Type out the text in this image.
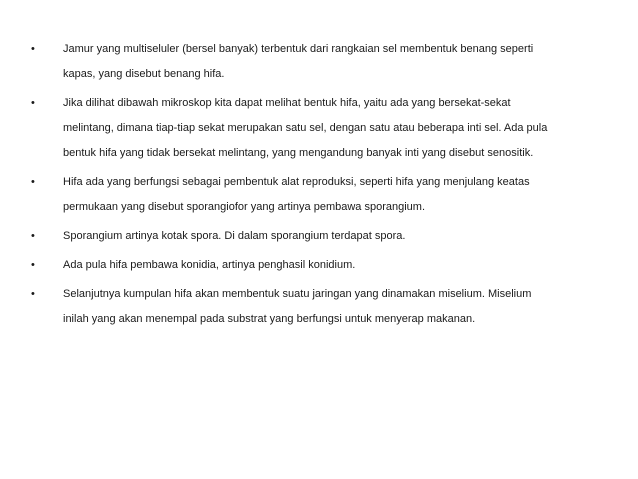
•	Jamur yang multiseluler (bersel banyak) terbentuk dari rangkaian sel membentuk benang seperti
kapas, yang disebut benang hifa.
•	Jika dilihat dibawah mikroskop kita dapat melihat bentuk hifa, yaitu ada yang bersekat-sekat
melintang, dimana tiap-tiap sekat merupakan satu sel, dengan satu atau beberapa inti sel. Ada pula
bentuk hifa yang tidak bersekat melintang, yang mengandung banyak inti yang disebut senositik.
•	Hifa ada yang berfungsi sebagai pembentuk alat reproduksi, seperti hifa yang menjulang keatas
permukaan yang disebut sporangiofor yang artinya pembawa sporangium.
•	Sporangium artinya kotak spora. Di dalam sporangium terdapat spora.
•	Ada pula hifa pembawa konidia, artinya penghasil konidium.
•	Selanjutnya kumpulan hifa akan membentuk suatu jaringan yang dinamakan miselium. Miselium
inilah yang akan menempal pada substrat yang berfungsi untuk menyerap makanan.
